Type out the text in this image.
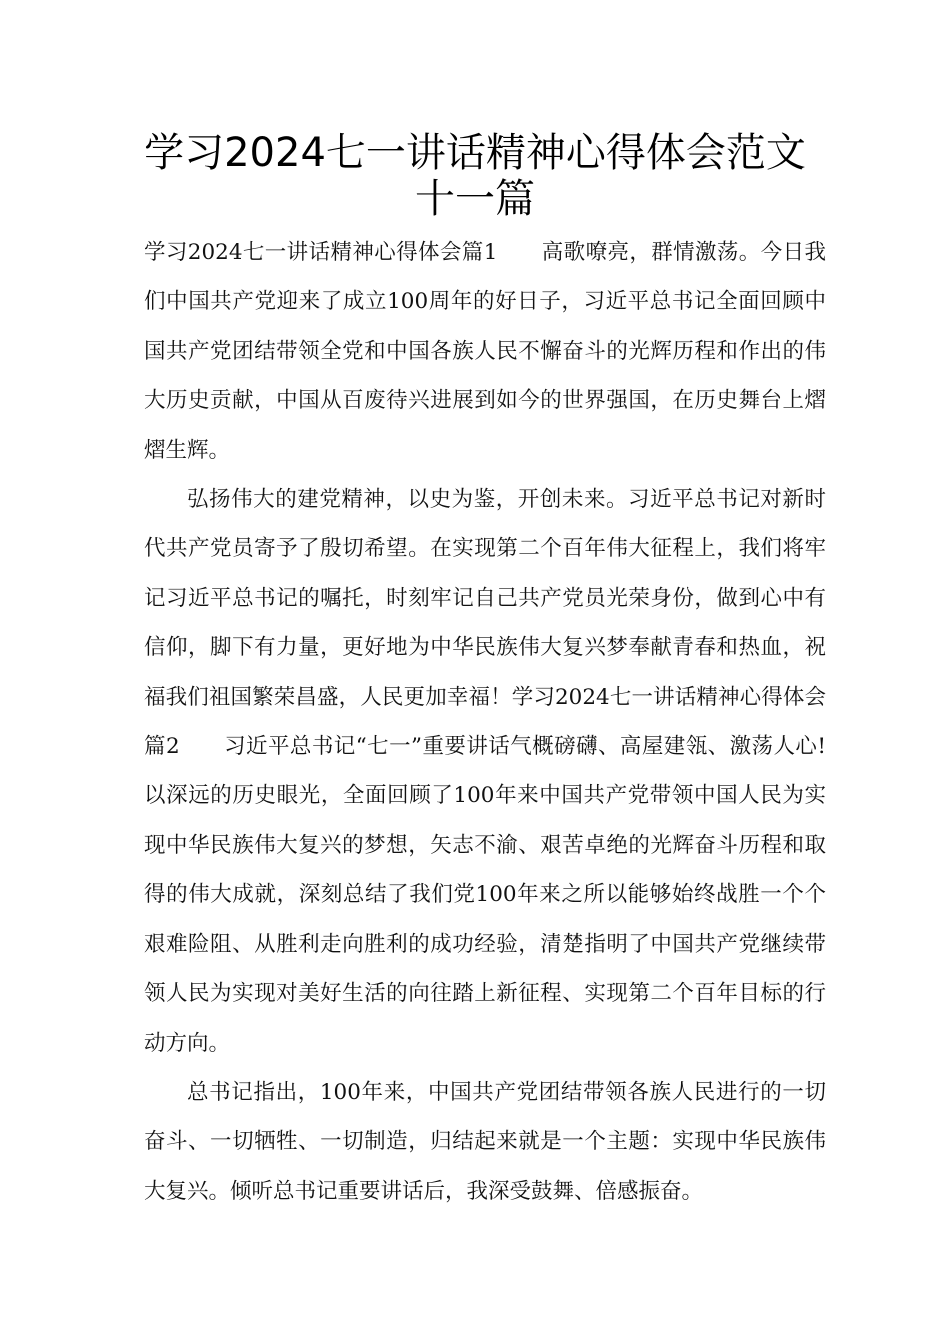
学习2024七一讲话精神心得体会范文
十一篇

学习2024七一讲话精神心得体会篇1 高歌嘹亮，群情激荡。今日我们中国共产党迎来了成立100周年的好日子，习近平总书记全面回顾中国共产党团结带领全党和中国各族人民不懈奋斗的光辉历程和作出的伟大历史贡献，中国从百废待兴进展到如今的世界强国，在历史舞台上熠熠生辉。

弘扬伟大的建党精神，以史为鉴，开创未来。习近平总书记对新时代共产党员寄予了殷切希望。在实现第二个百年伟大征程上，我们将牢记习近平总书记的嘱托，时刻牢记自己共产党员光荣身份，做到心中有信仰，脚下有力量，更好地为中华民族伟大复兴梦奉献青春和热血，祝福我们祖国繁荣昌盛，人民更加幸福！学习2024七一讲话精神心得体会篇2 习近平总书记“七一”重要讲话气概磅礴、高屋建瓴、激荡人心!以深远的历史眼光，全面回顾了100年来中国共产党带领中国人民为实现中华民族伟大复兴的梦想，矢志不渝、艰苦卓绝的光辉奋斗历程和取得的伟大成就，深刻总结了我们党100年来之所以能够始终战胜一个个艰难险阻、从胜利走向胜利的成功经验，清楚指明了中国共产党继续带领人民为实现对美好生活的向往踏上新征程、实现第二个百年目标的行动方向。

总书记指出，100年来，中国共产党团结带领各族人民进行的一切奋斗、一切牺牲、一切制造，归结起来就是一个主题：实现中华民族伟大复兴。倾听总书记重要讲话后，我深受鼓舞、倍感振奋。
